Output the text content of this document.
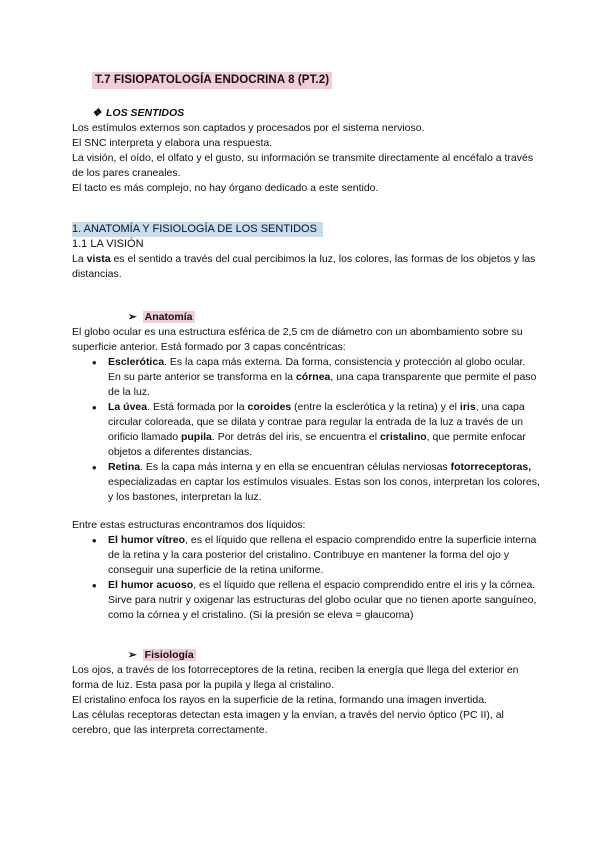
T.7 FISIOPATOLOGÍA ENDOCRINA 8 (PT.2)

❖ LOS SENTIDOS

Los estímulos externos son captados y procesados por el sistema nervioso.

El SNC interpreta y elabora una respuesta.

La visión, el oído, el olfato y el gusto, su información se transmite directamente al encéfalo a través de los pares craneales.

El tacto es más complejo, no hay órgano dedicado a este sentido.

1. ANATOMÍA Y FISIOLOGÍA DE LOS SENTIDOS

1.1 LA VISIÓN

La vista es el sentido a través del cual percibimos la luz, los colores, las formas de los objetos y las distancias.

➢ Anatomía

El globo ocular es una estructura esférica de 2,5 cm de diámetro con un abombamiento sobre su superficie anterior. Está formado por 3 capas concéntricas:

• Esclerótica. Es la capa más externa. Da forma, consistencia y protección al globo ocular. En su parte anterior se transforma en la córnea, una capa transparente que permite el paso de la luz.
• La úvea. Está formada por la coroides (entre la esclerótica y la retina) y el iris, una capa circular coloreada, que se dilata y contrae para regular la entrada de la luz a través de un orificio llamado pupila. Por detrás del iris, se encuentra el cristalino, que permite enfocar objetos a diferentes distancias.
• Retina. Es la capa más interna y en ella se encuentran células nerviosas fotorreceptoras, especializadas en captar los estímulos visuales. Estas son los conos, interpretan los colores, y los bastones, interpretan la luz.

Entre estas estructuras encontramos dos líquidos:

• El humor vítreo, es el líquido que rellena el espacio comprendido entre la superficie interna de la retina y la cara posterior del cristalino. Contribuye en mantener la forma del ojo y conseguir una superficie de la retina uniforme.
• El humor acuoso, es el líquido que rellena el espacio comprendido entre el iris y la córnea. Sirve para nutrir y oxigenar las estructuras del globo ocular que no tienen aporte sanguíneo, como la córnea y el cristalino. (Si la presión se eleva = glaucoma)

➢ Fisiología

Los ojos, a través de los fotorreceptores de la retina, reciben la energía que llega del exterior en forma de luz. Esta pasa por la pupila y llega al cristalino.

El cristalino enfoca los rayos en la superficie de la retina, formando una imagen invertida.

Las células receptoras detectan esta imagen y la envían, a través del nervio óptico (PC II), al cerebro, que las interpreta correctamente.
